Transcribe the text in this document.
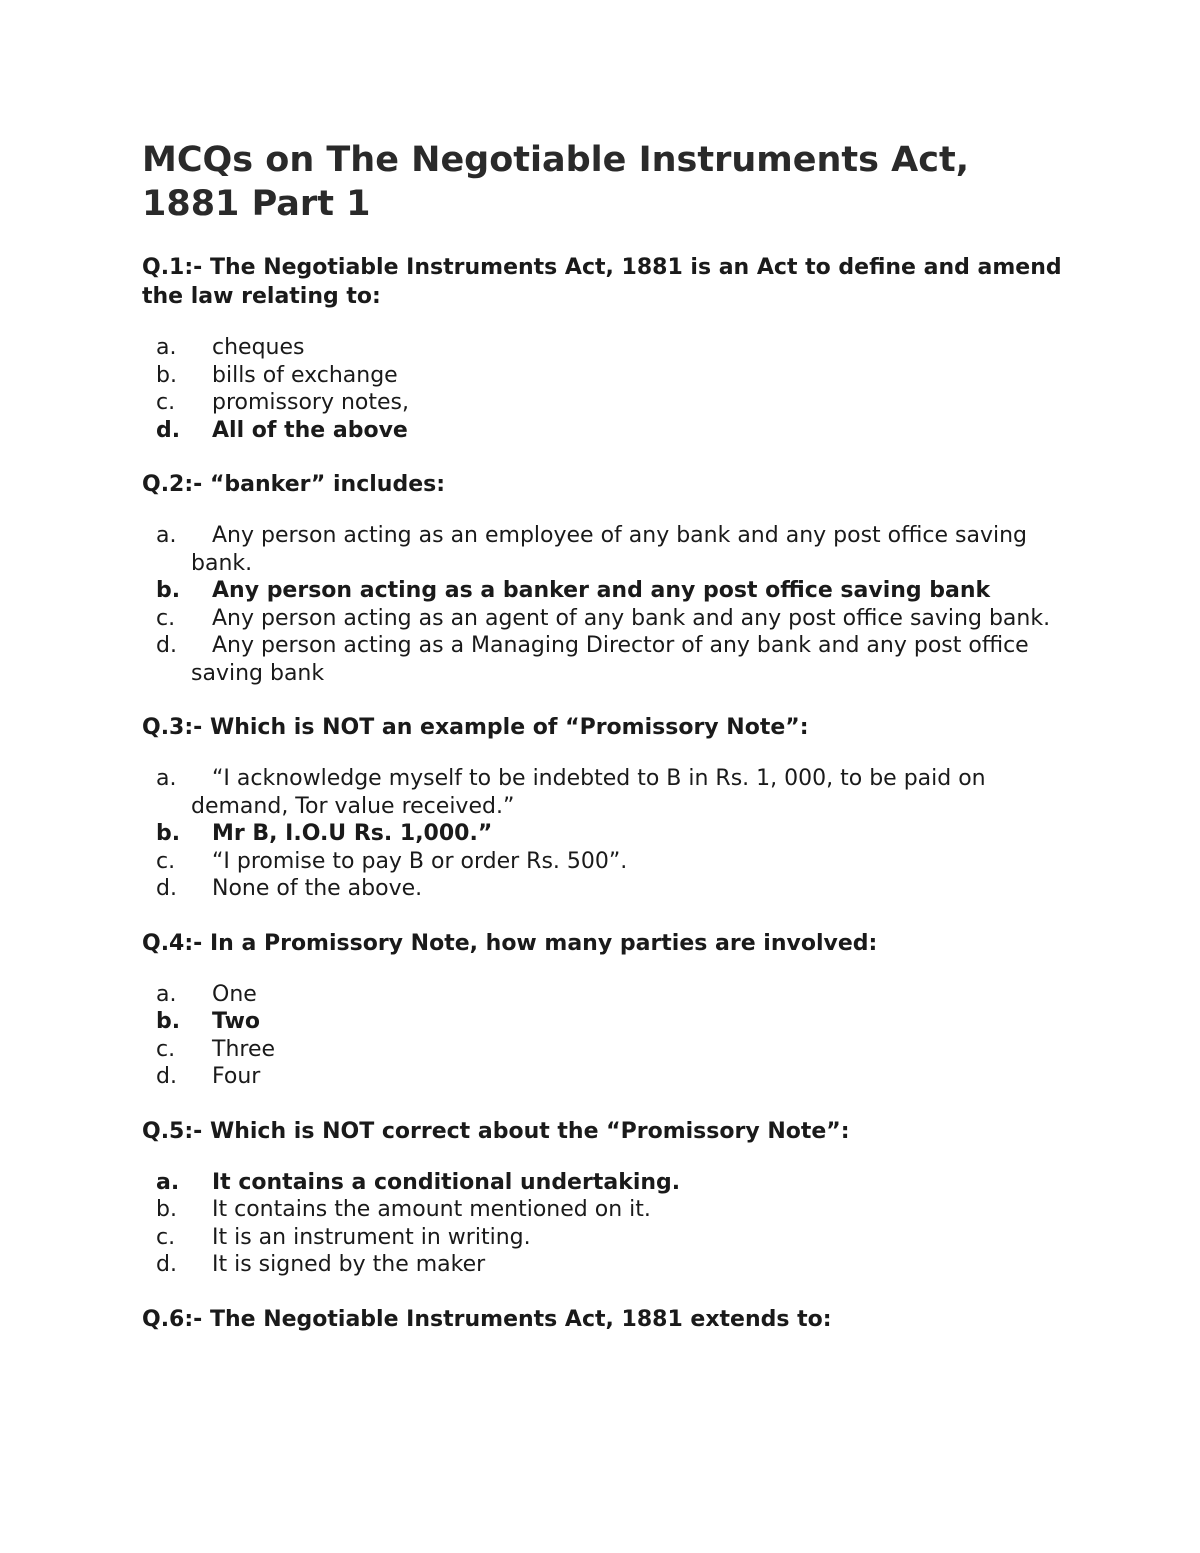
MCQs on The Negotiable Instruments Act, 1881 Part 1
Q.1:- The Negotiable Instruments Act, 1881 is an Act to define and amend the law relating to:
a. cheques
b. bills of exchange
c. promissory notes,
d. All of the above
Q.2:- “banker” includes:
a. Any person acting as an employee of any bank and any post office saving bank.
b. Any person acting as a banker and any post office saving bank
c. Any person acting as an agent of any bank and any post office saving bank.
d. Any person acting as a Managing Director of any bank and any post office saving bank
Q.3:- Which is NOT an example of “Promissory Note”:
a. “I acknowledge myself to be indebted to B in Rs. 1, 000, to be paid on demand, Tor value received.”
b. Mr B, I.O.U Rs. 1,000.”
c. “I promise to pay B or order Rs. 500”.
d. None of the above.
Q.4:- In a Promissory Note, how many parties are involved:
a. One
b. Two
c. Three
d. Four
Q.5:- Which is NOT correct about the “Promissory Note”:
a. It contains a conditional undertaking.
b. It contains the amount mentioned on it.
c. It is an instrument in writing.
d. It is signed by the maker
Q.6:- The Negotiable Instruments Act, 1881 extends to:
